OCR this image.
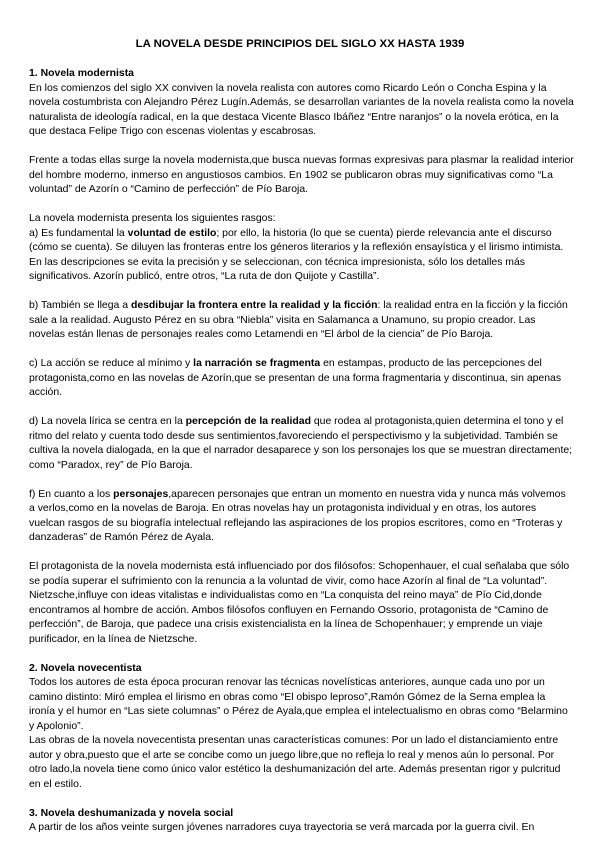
LA NOVELA DESDE PRINCIPIOS DEL SIGLO XX HASTA 1939

1. Novela modernista

En los comienzos del siglo XX conviven la novela realista con autores como Ricardo León o Concha Espina y la novela costumbrista con Alejandro Pérez Lugín.Además, se desarrollan variantes de la novela realista como la novela naturalista de ideología radical, en la que destaca Vicente Blasco Ibáñez “Entre naranjos” o la novela erótica, en la que destaca Felipe Trigo con escenas violentas y escabrosas.

Frente a todas ellas surge la novela modernista,que busca nuevas formas expresivas para plasmar la realidad interior del hombre moderno, inmerso en angustiosos cambios. En 1902 se publicaron obras muy significativas como “La voluntad” de Azorín o “Camino de perfección” de Pío Baroja.

La novela modernista presenta los siguientes rasgos:

a) Es fundamental la voluntad de estilo; por ello, la historia (lo que se cuenta) pierde relevancia ante el discurso (cómo se cuenta). Se diluyen las fronteras entre los géneros literarios y la reflexión ensayística y el lirismo intimista. En las descripciones se evita la precisión y se seleccionan, con técnica impresionista, sólo los detalles más significativos. Azorín publicó, entre otros, “La ruta de don Quijote y Castilla”.

b) También se llega a desdibujar la frontera entre la realidad y la ficción: la realidad entra en la ficción y la ficción sale a la realidad. Augusto Pérez en su obra “Niebla” visita en Salamanca a Unamuno, su propio creador. Las novelas están llenas de personajes reales como Letamendi en “El árbol de la ciencia” de Pío Baroja.

c) La acción se reduce al mínimo y la narración se fragmenta en estampas, producto de las percepciones del protagonista,como en las novelas de Azorín,que se presentan de una forma fragmentaria y discontinua, sin apenas acción.

d) La novela lírica se centra en la percepción de la realidad que rodea al protagonista,quien determina el tono y el ritmo del relato y cuenta todo desde sus sentimientos,favoreciendo el perspectivismo y la subjetividad. También se cultiva la novela dialogada, en la que el narrador desaparece y son los personajes los que se muestran directamente; como “Paradox, rey” de Pío Baroja.

f) En cuanto a los personajes,aparecen personajes que entran un momento en nuestra vida y nunca más volvemos a verlos,como en la novelas de Baroja. En otras novelas hay un protagonista individual y en otras, los autores vuelcan rasgos de su biografía intelectual reflejando las aspiraciones de los propios escritores, como en “Troteras y danzaderas” de Ramón Pérez de Ayala.

El protagonista de la novela modernista está influenciado por dos filósofos: Schopenhauer, el cual señalaba que sólo se podía superar el sufrimiento con la renuncia a la voluntad de vivir, como hace Azorín al final de “La voluntad”. Nietzsche,influye con ideas vitalistas e individualistas como en “La conquista del reino maya” de Pío Cid,donde encontramos al hombre de acción. Ambos filósofos confluyen en Fernando Ossorio, protagonista de “Camino de perfección”, de Baroja, que padece una crisis existencialista en la línea de Schopenhauer; y emprende un viaje purificador, en la línea de Nietzsche.

2. Novela novecentista

Todos los autores de esta época procuran renovar las técnicas novelísticas anteriores, aunque cada uno por un camino distinto: Miró emplea el lirismo en obras como “El obispo leproso”,Ramón Gómez de la Serna emplea la ironía y el humor en “Las siete columnas” o Pérez de Ayala,que emplea el intelectualismo en obras como “Belarmino y Apolonio”.

Las obras de la novela novecentista presentan unas características comunes: Por un lado el distanciamiento entre autor y obra,puesto que el arte se concibe como un juego libre,que no refleja lo real y menos aún lo personal. Por otro lado,la novela tiene como único valor estético la deshumanización del arte. Además presentan rigor y pulcritud en el estilo.

3. Novela deshumanizada y novela social

A partir de los años veinte surgen jóvenes narradores cuya trayectoria se verá marcada por la guerra civil. En
